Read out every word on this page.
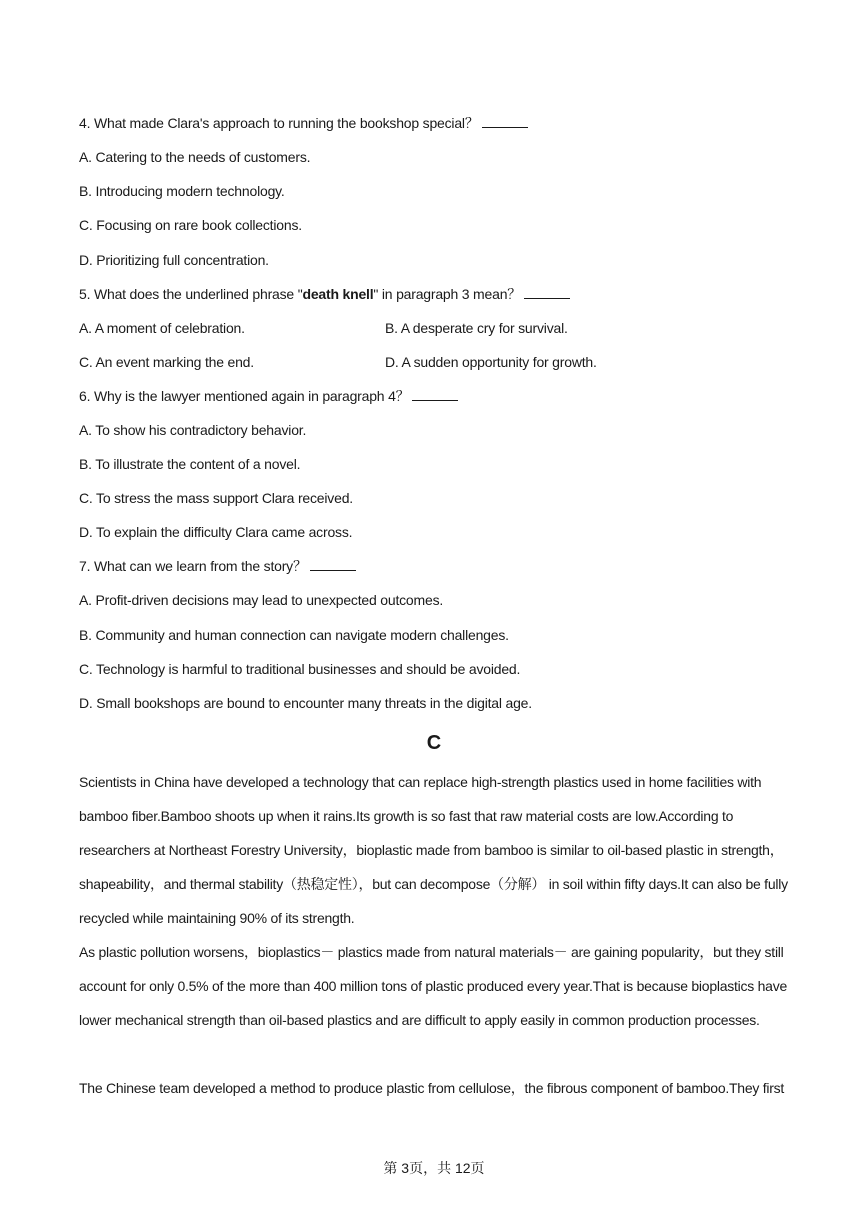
4. What made Clara's approach to running the bookshop special？
A. Catering to the needs of customers.
B. Introducing modern technology.
C. Focusing on rare book collections.
D. Prioritizing full concentration.
5. What does the underlined phrase "death knell" in paragraph 3 mean？
A. A moment of celebration.	B. A desperate cry for survival.
C. An event marking the end.	D. A sudden opportunity for growth.
6. Why is the lawyer mentioned again in paragraph 4？
A. To show his contradictory behavior.
B. To illustrate the content of a novel.
C. To stress the mass support Clara received.
D. To explain the difficulty Clara came across.
7. What can we learn from the story？
A. Profit-driven decisions may lead to unexpected outcomes.
B. Community and human connection can navigate modern challenges.
C. Technology is harmful to traditional businesses and should be avoided.
D. Small bookshops are bound to encounter many threats in the digital age.
C
Scientists in China have developed a technology that can replace high-strength plastics used in home facilities with bamboo fiber.Bamboo shoots up when it rains.Its growth is so fast that raw material costs are low.According to researchers at Northeast Forestry University，bioplastic made from bamboo is similar to oil-based plastic in strength，shapeability，and thermal stability（热稳定性），but can decompose（分解） in soil within fifty days.It can also be fully recycled while maintaining 90% of its strength.
As plastic pollution worsens，bioplastics－ plastics made from natural materials－ are gaining popularity，but they still account for only 0.5% of the more than 400 million tons of plastic produced every year.That is because bioplastics have lower mechanical strength than oil-based plastics and are difficult to apply easily in common production processes.
The Chinese team developed a method to produce plastic from cellulose，the fibrous component of bamboo.They first
第 3页，共 12页
